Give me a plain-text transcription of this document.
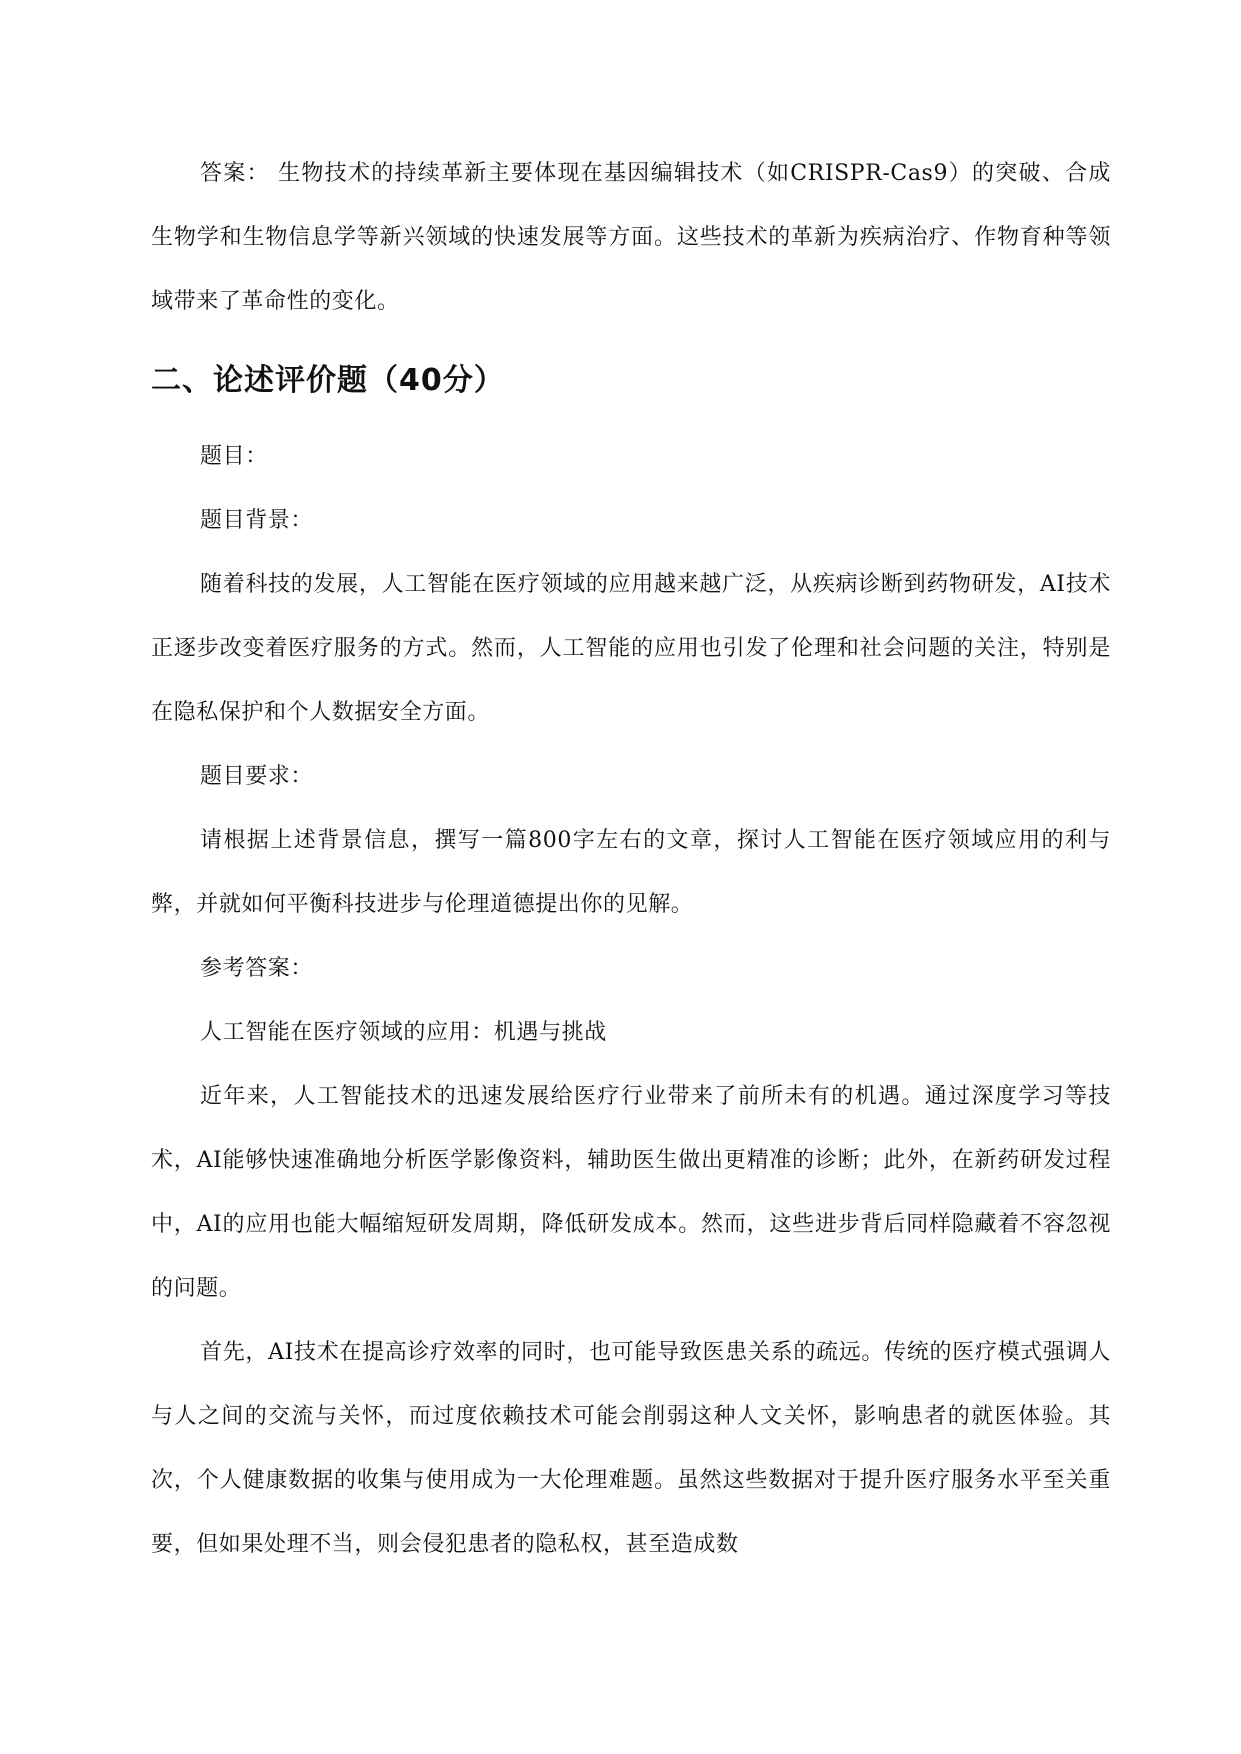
答案： 生物技术的持续革新主要体现在基因编辑技术（如CRISPR-Cas9）的突破、合成生物学和生物信息学等新兴领域的快速发展等方面。这些技术的革新为疾病治疗、作物育种等领域带来了革命性的变化。

二、论述评价题（40分）

题目：

题目背景：

随着科技的发展，人工智能在医疗领域的应用越来越广泛，从疾病诊断到药物研发，AI技术正逐步改变着医疗服务的方式。然而，人工智能的应用也引发了伦理和社会问题的关注，特别是在隐私保护和个人数据安全方面。

题目要求：

请根据上述背景信息，撰写一篇800字左右的文章，探讨人工智能在医疗领域应用的利与弊，并就如何平衡科技进步与伦理道德提出你的见解。

参考答案：

人工智能在医疗领域的应用：机遇与挑战

近年来，人工智能技术的迅速发展给医疗行业带来了前所未有的机遇。通过深度学习等技术，AI能够快速准确地分析医学影像资料，辅助医生做出更精准的诊断；此外，在新药研发过程中，AI的应用也能大幅缩短研发周期，降低研发成本。然而，这些进步背后同样隐藏着不容忽视的问题。

首先，AI技术在提高诊疗效率的同时，也可能导致医患关系的疏远。传统的医疗模式强调人与人之间的交流与关怀，而过度依赖技术可能会削弱这种人文关怀，影响患者的就医体验。其次，个人健康数据的收集与使用成为一大伦理难题。虽然这些数据对于提升医疗服务水平至关重要，但如果处理不当，则会侵犯患者的隐私权，甚至造成数
